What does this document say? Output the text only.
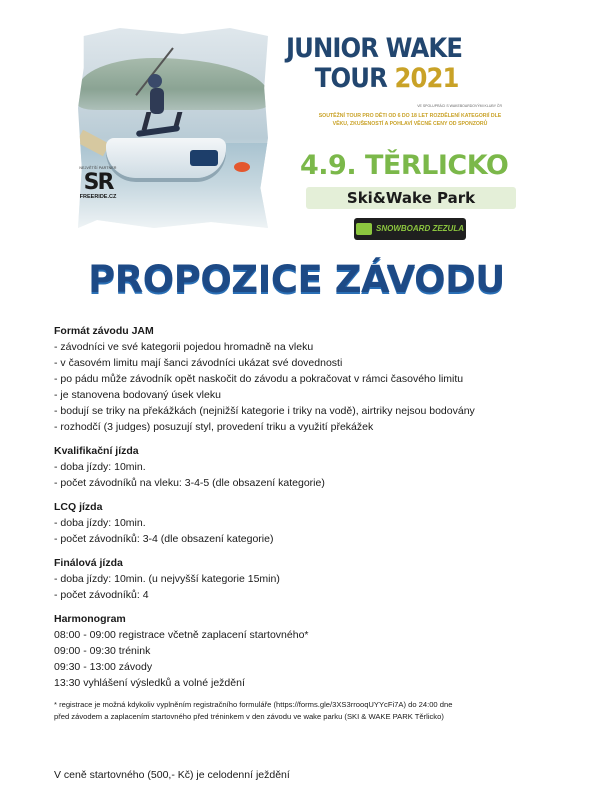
NEJVĚTŠÍ PARTNER
SR
FREERIDE.CZ
JUNIOR WAKE
TOUR 2021
VE SPOLUPRÁCI S WAKEBOARDOVÝMI KLUBY ČR
SOUTĚŽNÍ TOUR PRO DĚTI OD 6 DO 18 LET ROZDĚLENÍ KATEGORIÍ DLE VĚKU, ZKUŠENOSTÍ A POHLAVÍ VĚCNÉ CENY OD SPONZORŮ
4.9. TĚRLICKO
Ski&Wake Park
SNOWBOARD ZEZULA
PROPOZICE ZÁVODU
Formát závodu JAM
- závodníci ve své kategorii pojedou hromadně na vleku
- v časovém limitu mají šanci závodníci ukázat své dovednosti
- po pádu může závodník opět naskočit do závodu a pokračovat v rámci časového limitu
- je stanovena bodovaný úsek vleku
- bodují se triky na překážkách (nejnižší kategorie i triky na vodě), airtriky nejsou bodovány
- rozhodčí (3 judges) posuzují styl, provedení triku a využití překážek
Kvalifikační jízda
- doba jízdy: 10min.
- počet závodníků na vleku: 3-4-5 (dle obsazení kategorie)
LCQ jízda
- doba jízdy: 10min.
- počet závodníků: 3-4 (dle obsazení kategorie)
Finálová jízda
- doba jízdy: 10min. (u nejvyšší kategorie 15min)
- počet závodníků: 4
Harmonogram
08:00 - 09:00 registrace včetně zaplacení startovného*
09:00 - 09:30 trénink
09:30 - 13:00 závody
13:30 vyhlášení výsledků a volné ježdění
* registrace je možná kdykoliv vyplněním registračního formuláře (https://forms.gle/3XS3rrooqUYYcFi7A) do 24:00 dne
před závodem a zaplacením startovného před tréninkem v den závodu ve wake parku (SKI & WAKE PARK Těrlicko)
V ceně startovného (500,- Kč) je celodenní ježdění
